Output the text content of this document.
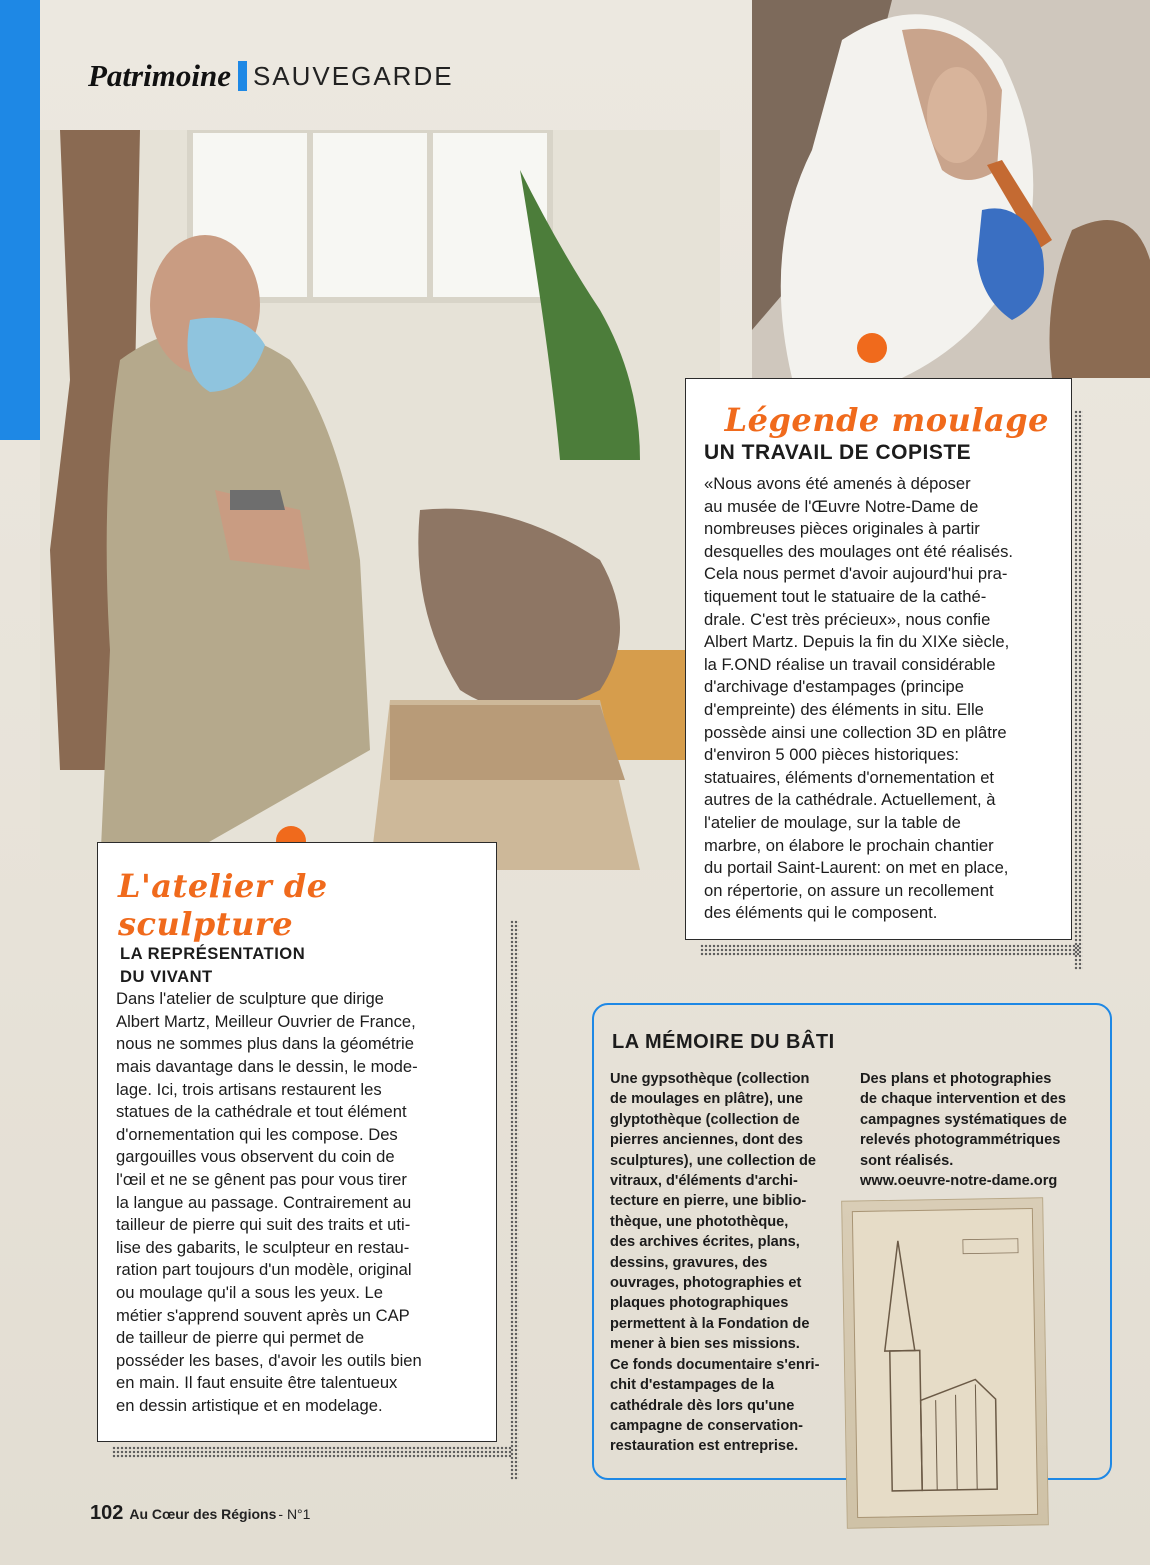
Patrimoine SAUVEGARDE
Légende moulage
UN TRAVAIL DE COPISTE

«Nous avons été amenés à déposer
au musée de l'Œuvre Notre-Dame de
nombreuses pièces originales à partir
desquelles des moulages ont été réalisés.
Cela nous permet d'avoir aujourd'hui pra-
tiquement tout le statuaire de la cathé-
drale. C'est très précieux», nous confie
Albert Martz. Depuis la fin du XIXe siècle,
la F.OND réalise un travail considérable
d'archivage d'estampages (principe
d'empreinte) des éléments in situ. Elle
possède ainsi une collection 3D en plâtre
d'environ 5 000 pièces historiques:
statuaires, éléments d'ornementation et
autres de la cathédrale. Actuellement, à
l'atelier de moulage, sur la table de
marbre, on élabore le prochain chantier
du portail Saint-Laurent: on met en place,
on répertorie, on assure un recollement
des éléments qui le composent.

L'atelier de sculpture
LA REPRÉSENTATION
DU VIVANT

Dans l'atelier de sculpture que dirige
Albert Martz, Meilleur Ouvrier de France,
nous ne sommes plus dans la géométrie
mais davantage dans le dessin, le mode-
lage. Ici, trois artisans restaurent les
statues de la cathédrale et tout élément
d'ornementation qui les compose. Des
gargouilles vous observent du coin de
l'œil et ne se gênent pas pour vous tirer
la langue au passage. Contrairement au
tailleur de pierre qui suit des traits et uti-
lise des gabarits, le sculpteur en restau-
ration part toujours d'un modèle, original
ou moulage qu'il a sous les yeux. Le
métier s'apprend souvent après un CAP
de tailleur de pierre qui permet de
posséder les bases, d'avoir les outils bien
en main. Il faut ensuite être talentueux
en dessin artistique et en modelage.

LA MÉMOIRE DU BÂTI

Une gypsothèque (collection
de moulages en plâtre), une
glyptothèque (collection de
pierres anciennes, dont des
sculptures), une collection de
vitraux, d'éléments d'archi-
tecture en pierre, une biblio-
thèque, une photothèque,
des archives écrites, plans,
dessins, gravures, des
ouvrages, photographies et
plaques photographiques
permettent à la Fondation de
mener à bien ses missions.
Ce fonds documentaire s'enri-
chit d'estampages de la
cathédrale dès lors qu'une
campagne de conservation-
restauration est entreprise.

Des plans et photographies
de chaque intervention et des
campagnes systématiques de
relevés photogrammétriques
sont réalisés.
www.oeuvre-notre-dame.org

102 Au Cœur des Régions - N°1
